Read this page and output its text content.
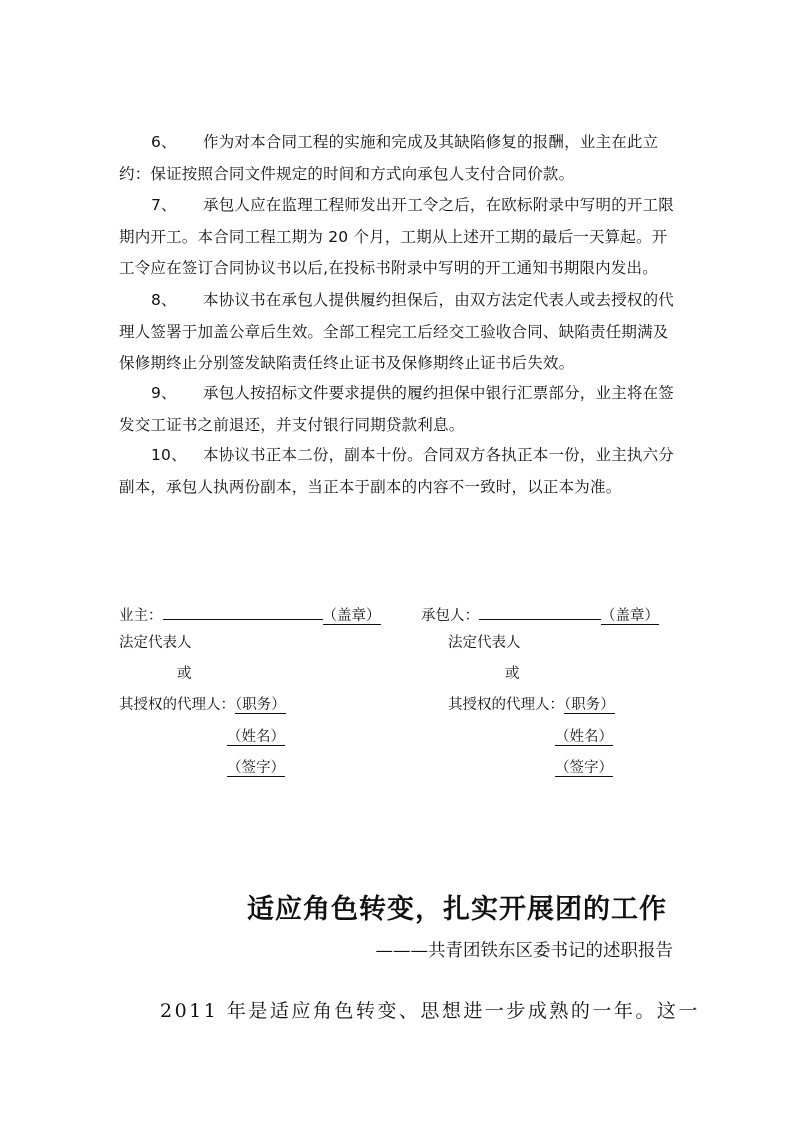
6、 作为对本合同工程的实施和完成及其缺陷修复的报酬，业主在此立约：保证按照合同文件规定的时间和方式向承包人支付合同价款。
7、 承包人应在监理工程师发出开工令之后，在欧标附录中写明的开工限期内开工。本合同工程工期为 20 个月，工期从上述开工期的最后一天算起。开工令应在签订合同协议书以后,在投标书附录中写明的开工通知书期限内发出。
8、 本协议书在承包人提供履约担保后，由双方法定代表人或去授权的代理人签署于加盖公章后生效。全部工程完工后经交工验收合同、缺陷责任期满及保修期终止分别签发缺陷责任终止证书及保修期终止证书后失效。
9、 承包人按招标文件要求提供的履约担保中银行汇票部分，业主将在签发交工证书之前退还，并支付银行同期贷款利息。
10、 本协议书正本二份，副本十份。合同双方各执正本一份，业主执六分副本，承包人执两份副本，当正本于副本的内容不一致时，以正本为准。
业主：	（盖章）
法定代表人
或
其授权的代理人：（职务）
（姓名）
（签字）
承包人：	（盖章）
法定代表人
或
其授权的代理人：（职务）
（姓名）
（签字）
适应角色转变，扎实开展团的工作
———共青团铁东区委书记的述职报告
2011 年是适应角色转变、思想进一步成熟的一年。这一
